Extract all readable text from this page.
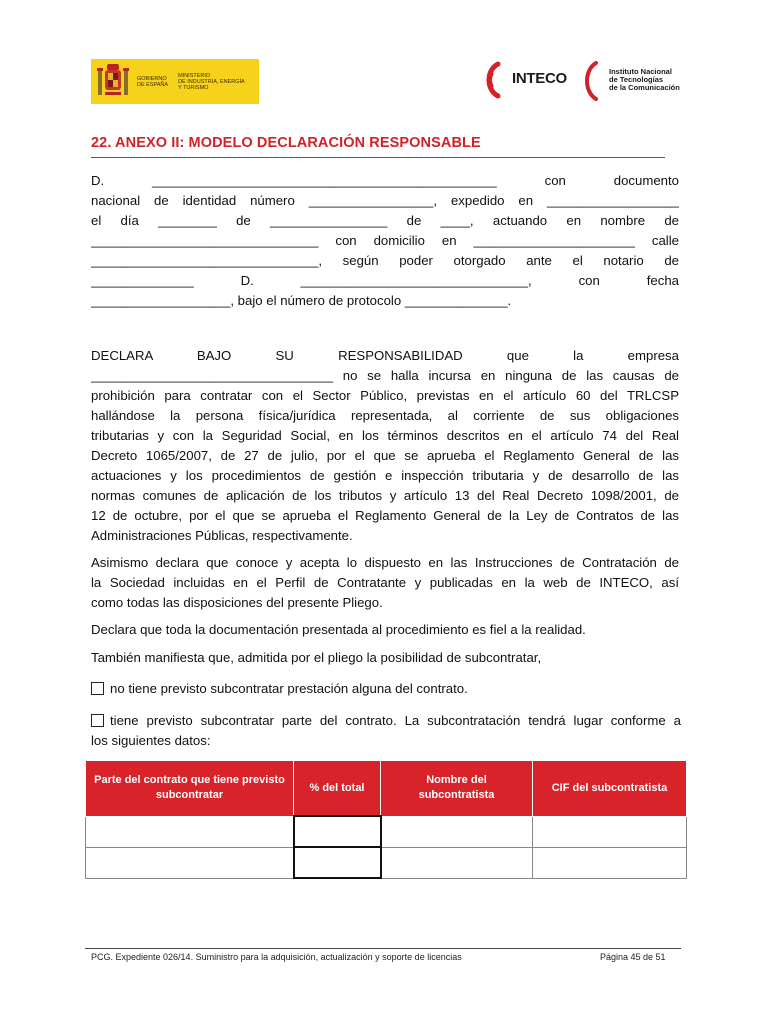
GOBIERNO
DE ESPAÑA
MINISTERIO
DE INDUSTRIA, ENERGÍA
Y TURISMO
INTECO	Instituto Nacional
de Tecnologías
de la Comunicación
22. ANEXO II: MODELO DECLARACIÓN RESPONSABLE
D. _______________________________________________ con documento
nacional de identidad número _________________, expedido en __________________
el día ________ de ________________ de ____, actuando en nombre de
_______________________________ con domicilio en ______________________ calle
_______________________________, según poder otorgado ante el notario de
______________ D. _______________________________, con fecha
___________________, bajo el número de protocolo ______________.
DECLARA BAJO SU RESPONSABILIDAD que la empresa
_________________________________ no se halla incursa en ninguna de las causas de
prohibición para contratar con el Sector Público, previstas en el artículo 60 del TRLCSP
hallándose la persona física/jurídica representada, al corriente de sus obligaciones
tributarias y con la Seguridad Social, en los términos descritos en el artículo 74 del Real
Decreto 1065/2007, de 27 de julio, por el que se aprueba el Reglamento General de las
actuaciones y los procedimientos de gestión e inspección tributaria y de desarrollo de las
normas comunes de aplicación de los tributos y artículo 13 del Real Decreto 1098/2001, de
12 de octubre, por el que se aprueba el Reglamento General de la Ley de Contratos de las
Administraciones Públicas, respectivamente.
Asimismo declara que conoce y acepta lo dispuesto en las Instrucciones de Contratación de
la Sociedad incluidas en el Perfil de Contratante y publicadas en la web de INTECO, así
como todas las disposiciones del presente Pliego.
Declara que toda la documentación presentada al procedimiento es fiel a la realidad.
También manifiesta que, admitida por el pliego la posibilidad de subcontratar,
no tiene previsto subcontratar prestación alguna del contrato.
tiene previsto subcontratar parte del contrato. La subcontratación tendrá lugar conforme a
los siguientes datos:
Parte del contrato que tiene previsto subcontratar	% del total	Nombre del subcontratista	CIF del subcontratista

PCG. Expediente 026/14. Suministro para la adquisición, actualización y soporte de licencias	Página 45 de 51
